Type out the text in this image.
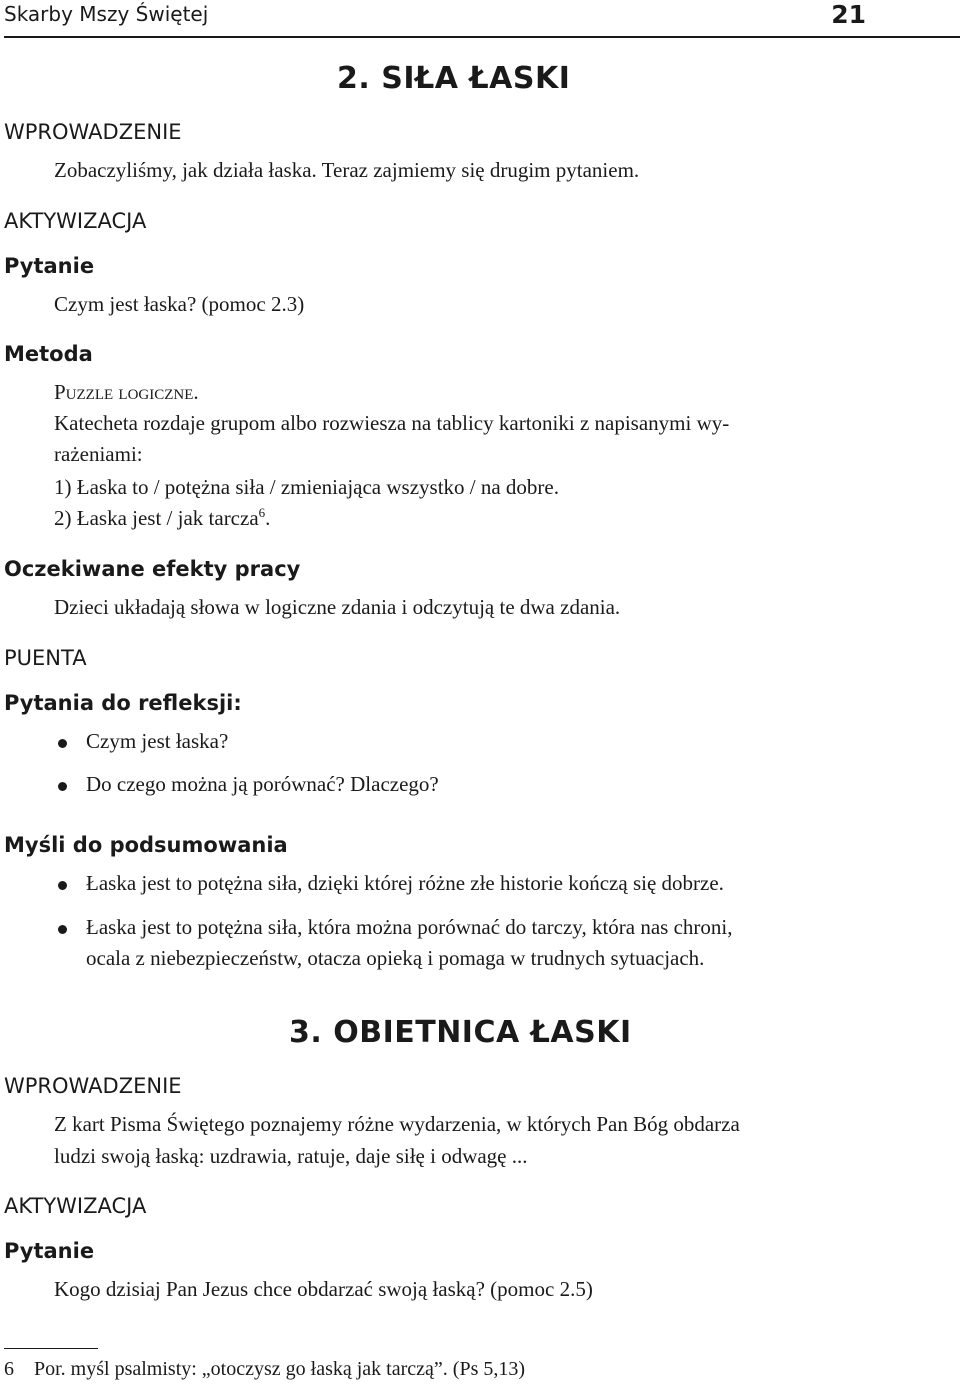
Skarby Mszy Świętej	21
2. SIŁA ŁASKI
WPROWADZENIE
Zobaczyliśmy, jak działa łaska. Teraz zajmiemy się drugim pytaniem.
AKTYWIZACJA
Pytanie
Czym jest łaska? (pomoc 2.3)
Metoda
Puzzle logiczne.
Katecheta rozdaje grupom albo rozwiesza na tablicy kartoniki z napisanymi wy-
rażeniami:
1) Łaska to / potężna siła / zmieniająca wszystko / na dobre.
2) Łaska jest / jak tarcza$^6$.
Oczekiwane efekty pracy
Dzieci układają słowa w logiczne zdania i odczytują te dwa zdania.
PUENTA
Pytania do refleksji:
Czym jest łaska?
Do czego można ją porównać? Dlaczego?
Myśli do podsumowania
Łaska jest to potężna siła, dzięki której różne złe historie kończą się dobrze.
Łaska jest to potężna siła, która można porównać do tarczy, która nas chroni,
ocala z niebezpieczeństw, otacza opieką i pomaga w trudnych sytuacjach.
3. OBIETNICA ŁASKI
WPROWADZENIE
Z kart Pisma Świętego poznajemy różne wydarzenia, w których Pan Bóg obdarza
ludzi swoją łaską: uzdrawia, ratuje, daje siłę i odwagę ...
AKTYWIZACJA
Pytanie
Kogo dzisiaj Pan Jezus chce obdarzać swoją łaską? (pomoc 2.5)
6 Por. myśl psalmisty: „otoczysz go łaską jak tarczą”. (Ps 5,13)
